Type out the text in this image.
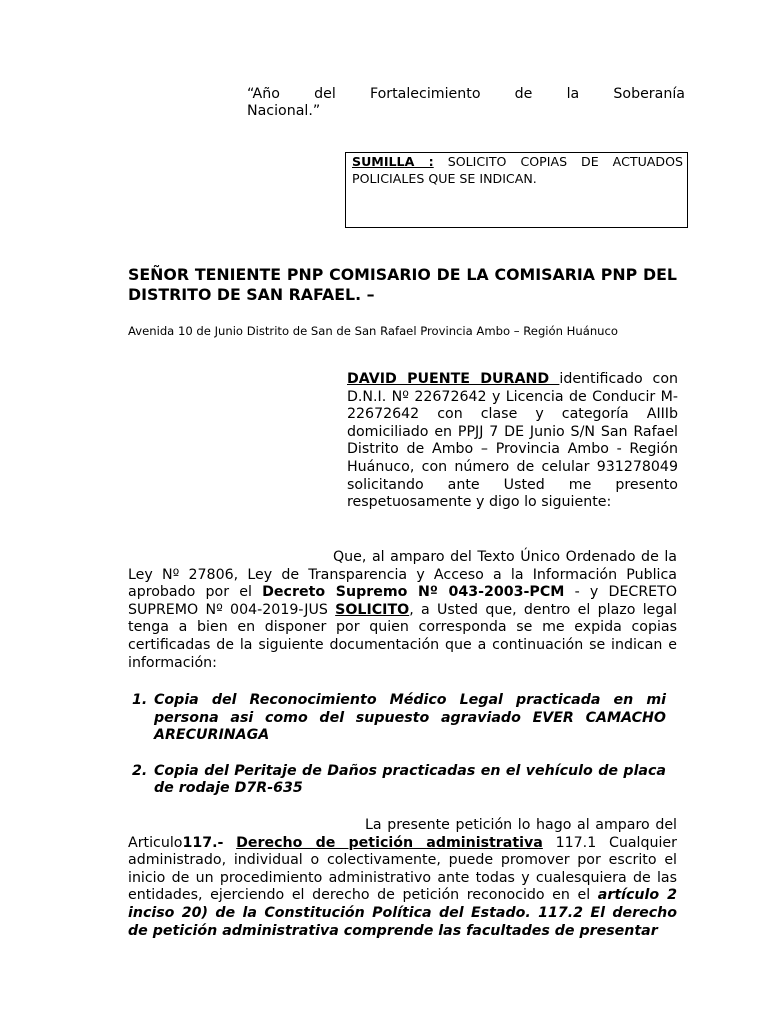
“Año del Fortalecimiento de la Soberanía
Nacional.”
SUMILLA : SOLICITO COPIAS DE ACTUADOS POLICIALES QUE SE INDICAN.
SEÑOR TENIENTE PNP COMISARIO DE LA COMISARIA PNP DEL DISTRITO DE SAN RAFAEL. –
Avenida 10 de Junio Distrito de San de San Rafael Provincia Ambo – Región Huánuco
DAVID PUENTE DURAND identificado con D.N.I. Nº 22672642 y Licencia de Conducir M-22672642 con clase y categoría AIIIb domiciliado en PPJJ 7 DE Junio S/N San Rafael Distrito de Ambo – Provincia Ambo - Región Huánuco, con número de celular 931278049 solicitando ante Usted me presento respetuosamente y digo lo siguiente:
Que, al amparo del Texto Único Ordenado de la Ley Nº 27806, Ley de Transparencia y Acceso a la Información Publica aprobado por el Decreto Supremo Nº 043-2003-PCM - y DECRETO SUPREMO Nº 004-2019-JUS SOLICITO, a Usted que, dentro el plazo legal tenga a bien en disponer por quien corresponda se me expida copias certificadas de la siguiente documentación que a continuación se indican e información:
1. Copia del Reconocimiento Médico Legal practicada en mi persona asi como del supuesto agraviado EVER CAMACHO ARECURINAGA
2. Copia del Peritaje de Daños practicadas en el vehículo de placa de rodaje D7R-635
La presente petición lo hago al amparo del Articulo117.- Derecho de petición administrativa 117.1 Cualquier administrado, individual o colectivamente, puede promover por escrito el inicio de un procedimiento administrativo ante todas y cualesquiera de las entidades, ejerciendo el derecho de petición reconocido en el artículo 2 inciso 20) de la Constitución Política del Estado. 117.2 El derecho de petición administrativa comprende las facultades de presentar
